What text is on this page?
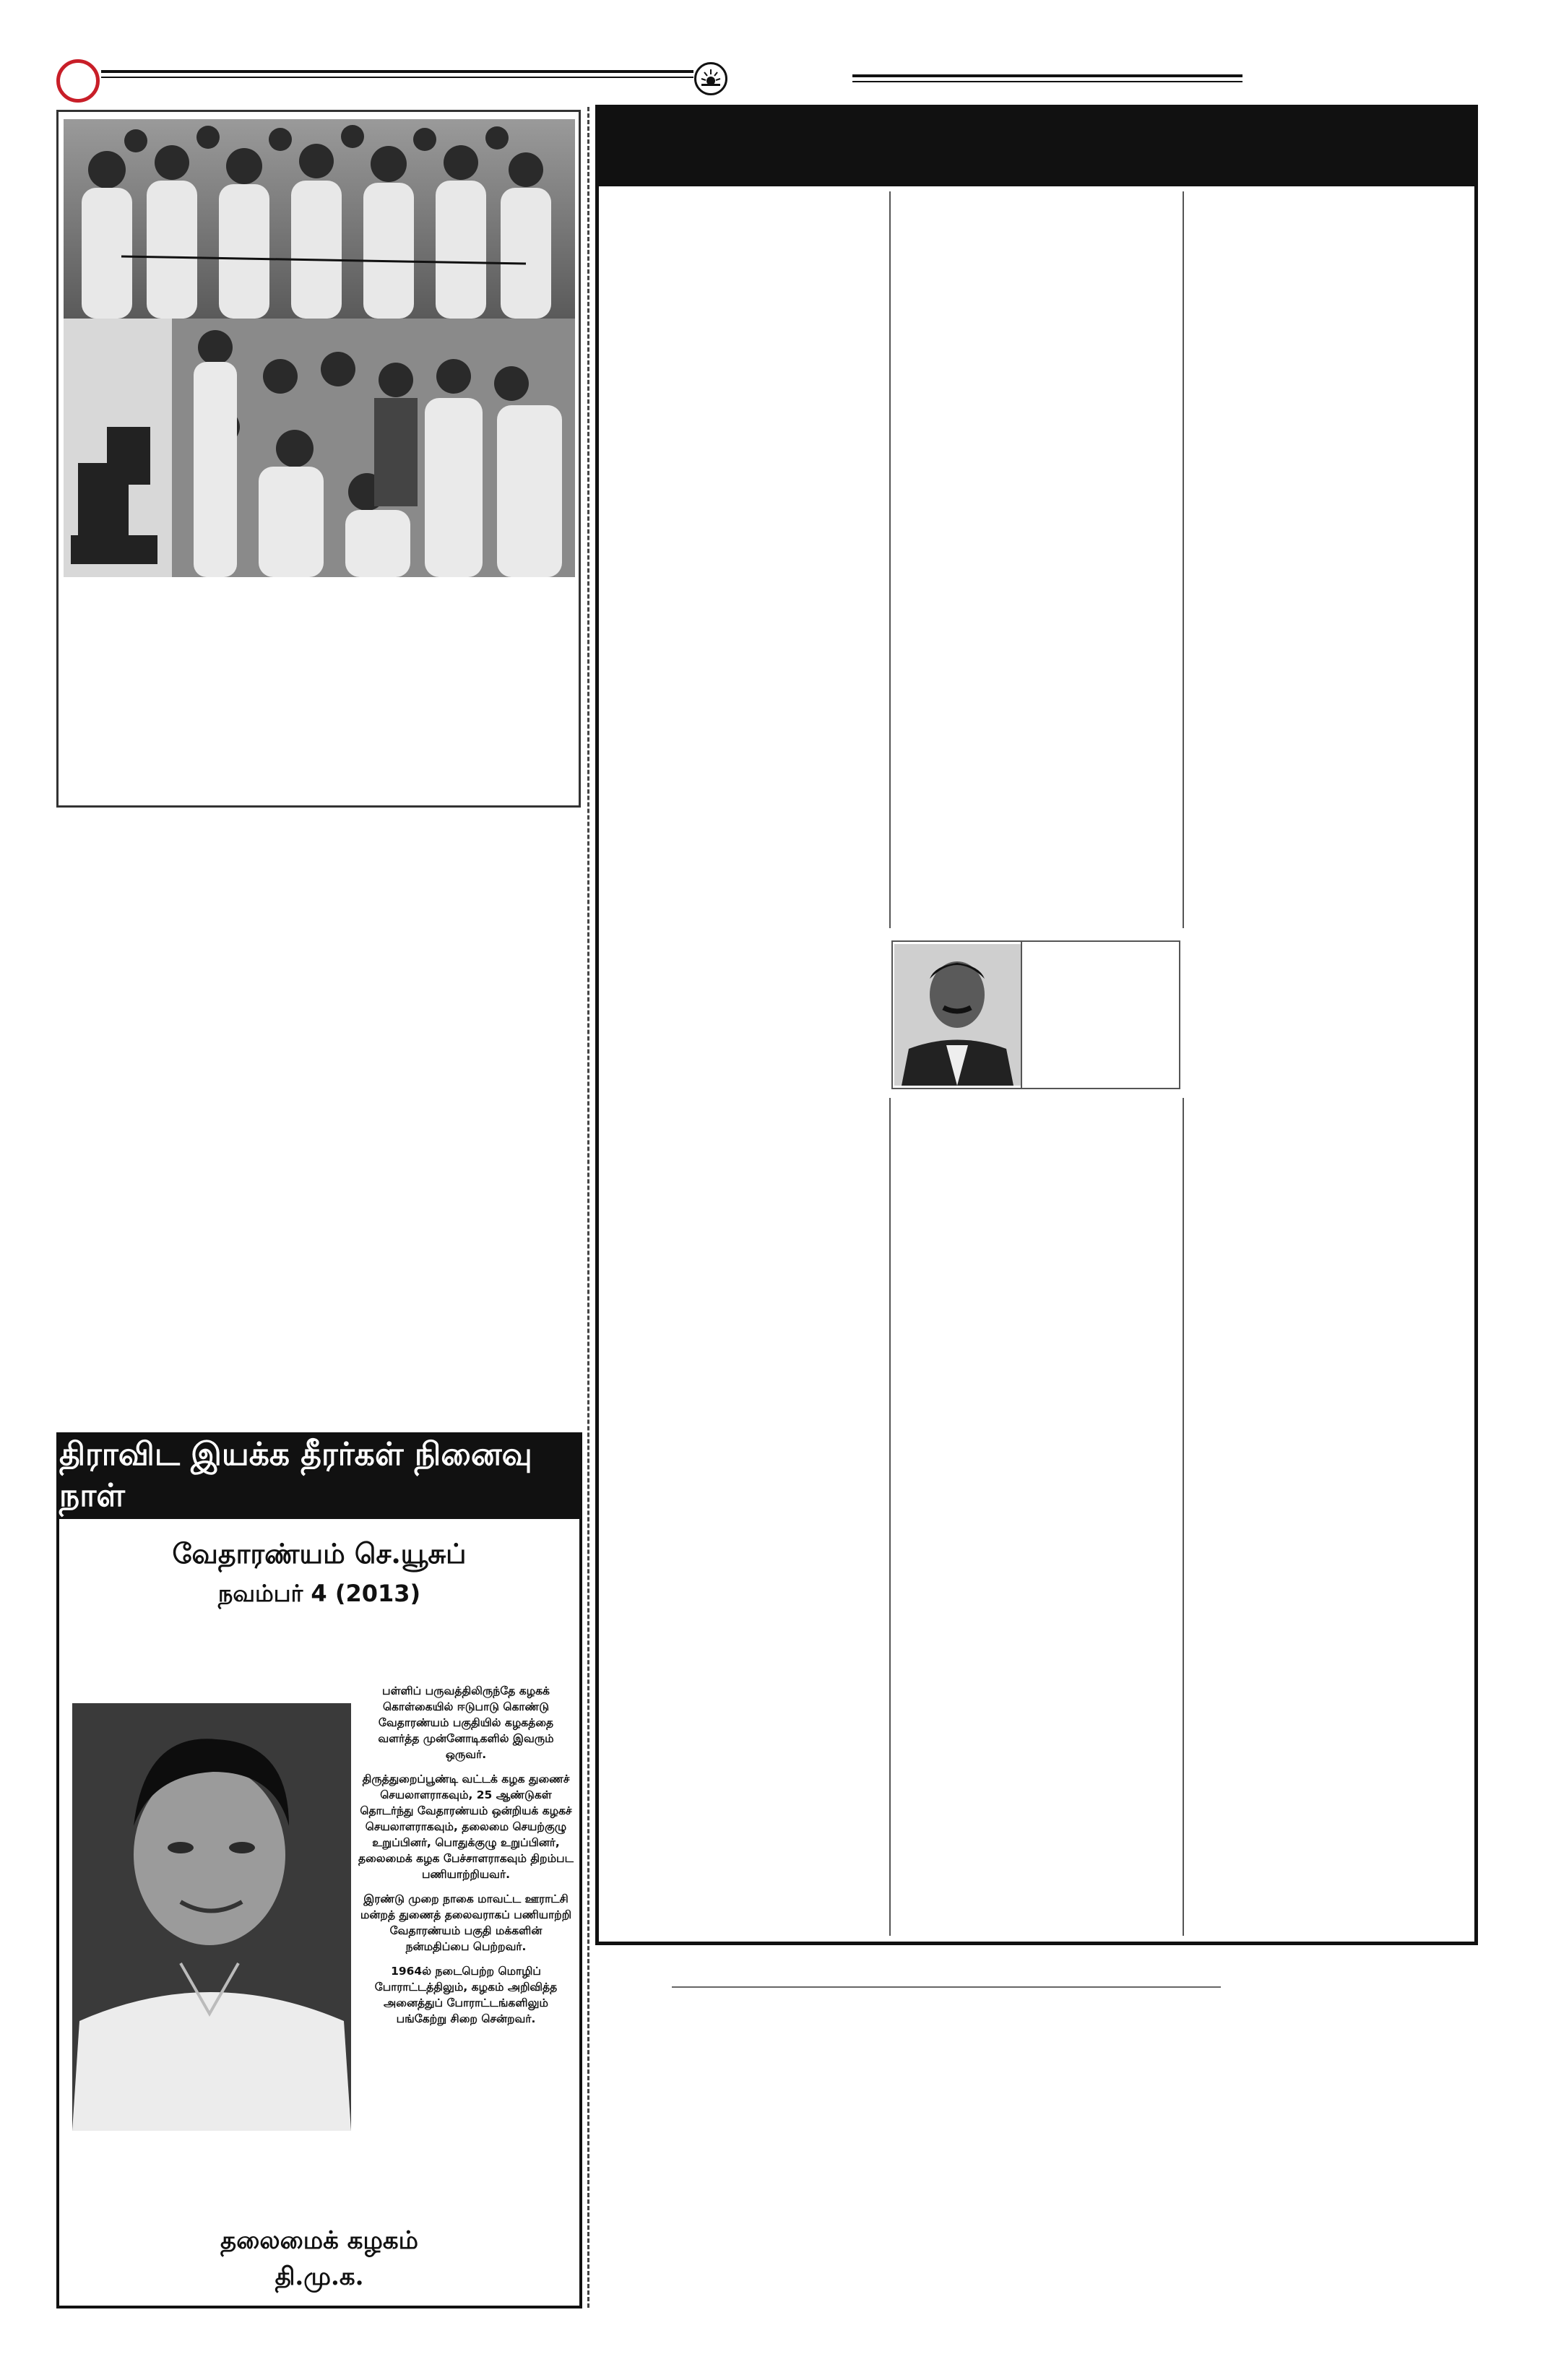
திராவிட இயக்க தீரர்கள் நினைவு நாள்
வேதாரண்யம் செ.யூசுப்
நவம்பர் 4 (2013)

பள்ளிப் பருவத்திலிருந்தே கழகக் கொள்கையில் ஈடுபாடு கொண்டு வேதாரண்யம் பகுதியில் கழகத்தை வளர்த்த முன்னோடிகளில் இவரும் ஒருவர்.

திருத்துறைப்பூண்டி வட்டக் கழக துணைச் செயலாளராகவும், 25 ஆண்டுகள் தொடர்ந்து வேதாரண்யம் ஒன்றியக் கழகச் செயலாளராகவும், தலைமை செயற்குழு உறுப்பினர், பொதுக்குழு உறுப்பினர், தலைமைக் கழக பேச்சாளராகவும் திறம்பட பணியாற்றியவர்.

இரண்டு முறை நாகை மாவட்ட ஊராட்சி மன்றத் துணைத் தலைவராகப் பணியாற்றி வேதாரண்யம் பகுதி மக்களின் நன்மதிப்பை பெற்றவர்.

1964ல் நடைபெற்ற மொழிப் போராட்டத்திலும், கழகம் அறிவித்த அனைத்துப் போராட்டங்களிலும் பங்கேற்று சிறை சென்றவர்.

தலைமைக் கழகம்
தி.மு.க.
